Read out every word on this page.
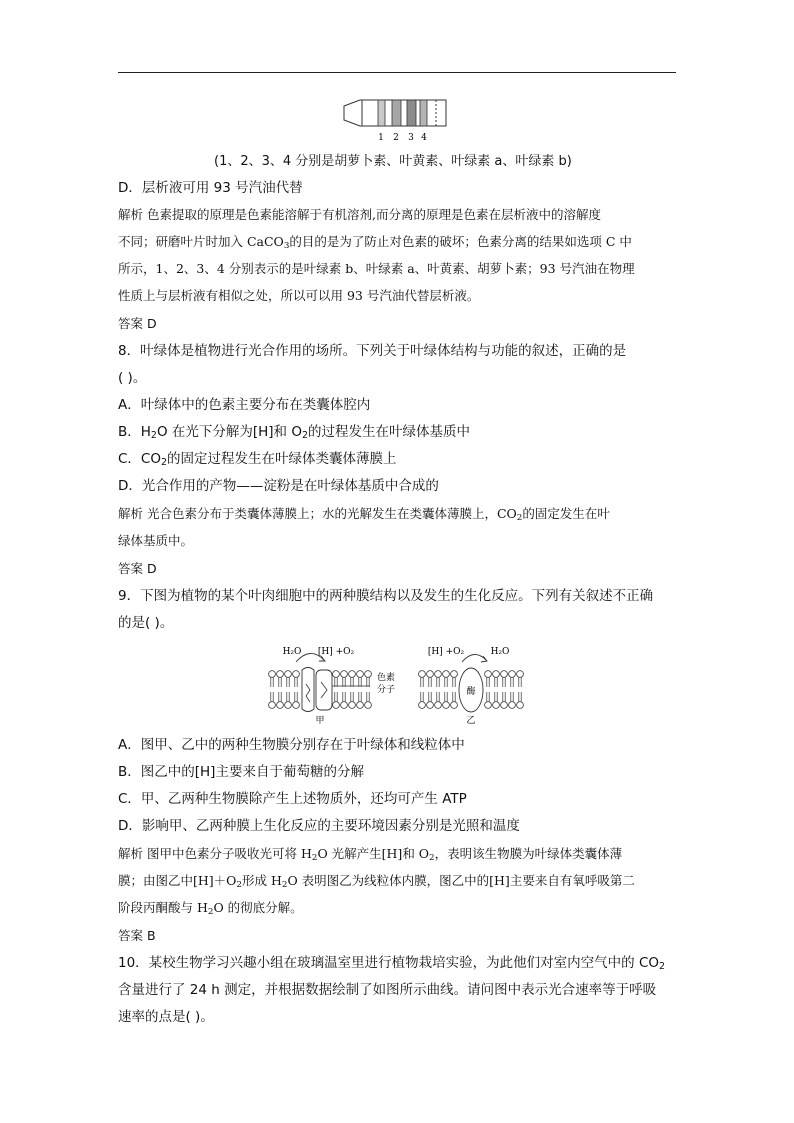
1 2 3 4
(1、2、3、4 分别是胡萝卜素、叶黄素、叶绿素 a、叶绿素 b)
D．层析液可用 93 号汽油代替
解析 色素提取的原理是色素能溶解于有机溶剂,而分离的原理是色素在层析液中的溶解度
不同；研磨叶片时加入 CaCO$_3$的目的是为了防止对色素的破坏；色素分离的结果如选项 C 中
所示，1、2、3、4 分别表示的是叶绿素 b、叶绿素 a、叶黄素、胡萝卜素；93 号汽油在物理
性质上与层析液有相似之处，所以可以用 93 号汽油代替层析液。
答案 D
8．叶绿体是植物进行光合作用的场所。下列关于叶绿体结构与功能的叙述，正确的是
( )。
A．叶绿体中的色素主要分布在类囊体腔内
B．$H_2O$ 在光下分解为[H]和 $O_2$的过程发生在叶绿体基质中
C．$CO_2$的固定过程发生在叶绿体类囊体薄膜上
D．光合作用的产物——淀粉是在叶绿体基质中合成的
解析 光合色素分布于类囊体薄膜上；水的光解发生在类囊体薄膜上，$CO_2$的固定发生在叶
绿体基质中。
答案 D
9．下图为植物的某个叶肉细胞中的两种膜结构以及发生的生化反应。下列有关叙述不正确
的是( )。
H₂O [H] +O₂
色素
分子
甲
[H] +O₂	H₂O
酶
乙
A．图甲、乙中的两种生物膜分别存在于叶绿体和线粒体中
B．图乙中的[H]主要来自于葡萄糖的分解
C．甲、乙两种生物膜除产生上述物质外，还均可产生 ATP
D．影响甲、乙两种膜上生化反应的主要环境因素分别是光照和温度
解析 图甲中色素分子吸收光可将 $H_2O$ 光解产生[H]和 $O_2$，表明该生物膜为叶绿体类囊体薄
膜；由图乙中$[H]+O_2$形成 $H_2O$ 表明图乙为线粒体内膜，图乙中的[H]主要来自有氧呼吸第二
阶段丙酮酸与 $H_2O$ 的彻底分解。
答案 B
10．某校生物学习兴趣小组在玻璃温室里进行植物栽培实验，为此他们对室内空气中的 $CO_2$
含量进行了 24 h 测定，并根据数据绘制了如图所示曲线。请问图中表示光合速率等于呼吸
速率的点是( )。
